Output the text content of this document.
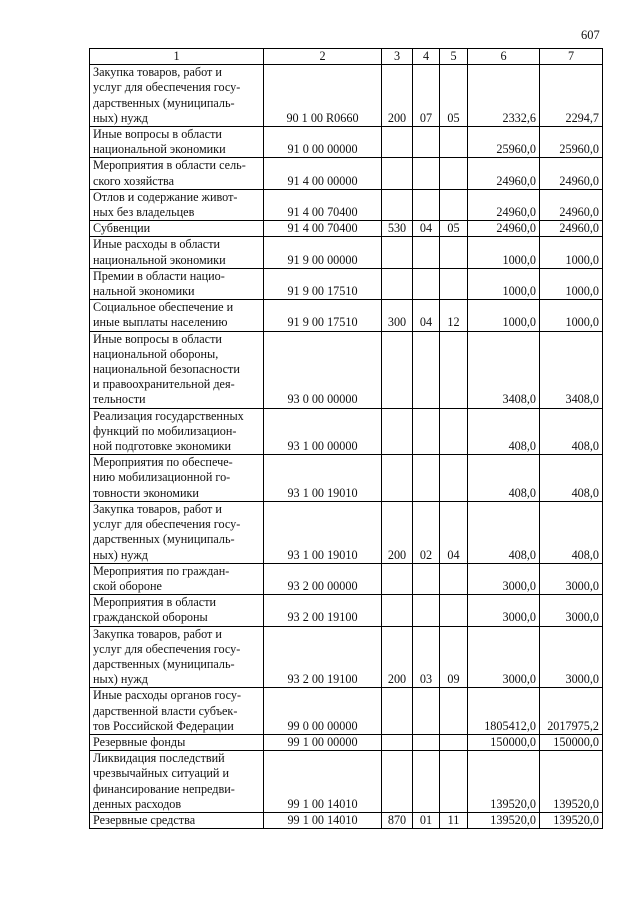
607
1	2	3	4	5	6	7

Закупка товаров, работ и
услуг для обеспечения госу-
дарственных (муниципаль-
ных) нужд	90 1 00 R0660	200	07	05	2332,6	2294,7

Иные вопросы в области
национальной экономики	91 0 00 00000				25960,0	25960,0

Мероприятия в области сель-
ского хозяйства	91 4 00 00000				24960,0	24960,0

Отлов и содержание живот-
ных без владельцев	91 4 00 70400				24960,0	24960,0

Субвенции	91 4 00 70400	530	04	05	24960,0	24960,0

Иные расходы в области
национальной экономики	91 9 00 00000				1000,0	1000,0

Премии в области нацио-
нальной экономики	91 9 00 17510				1000,0	1000,0

Социальное обеспечение и
иные выплаты населению	91 9 00 17510	300	04	12	1000,0	1000,0

Иные вопросы в области
национальной обороны,
национальной безопасности
и правоохранительной дея-
тельности	93 0 00 00000				3408,0	3408,0

Реализация государственных
функций по мобилизацион-
ной подготовке экономики	93 1 00 00000				408,0	408,0

Мероприятия по обеспече-
нию мобилизационной го-
товности экономики	93 1 00 19010				408,0	408,0

Закупка товаров, работ и
услуг для обеспечения госу-
дарственных (муниципаль-
ных) нужд	93 1 00 19010	200	02	04	408,0	408,0

Мероприятия по граждан-
ской обороне	93 2 00 00000				3000,0	3000,0

Мероприятия в области
гражданской обороны	93 2 00 19100				3000,0	3000,0

Закупка товаров, работ и
услуг для обеспечения госу-
дарственных (муниципаль-
ных) нужд	93 2 00 19100	200	03	09	3000,0	3000,0

Иные расходы органов госу-
дарственной власти субъек-
тов Российской Федерации	99 0 00 00000				1805412,0	2017975,2

Резервные фонды	99 1 00 00000				150000,0	150000,0

Ликвидация последствий
чрезвычайных ситуаций и
финансирование непредви-
денных расходов	99 1 00 14010				139520,0	139520,0

Резервные средства	99 1 00 14010	870	01	11	139520,0	139520,0
